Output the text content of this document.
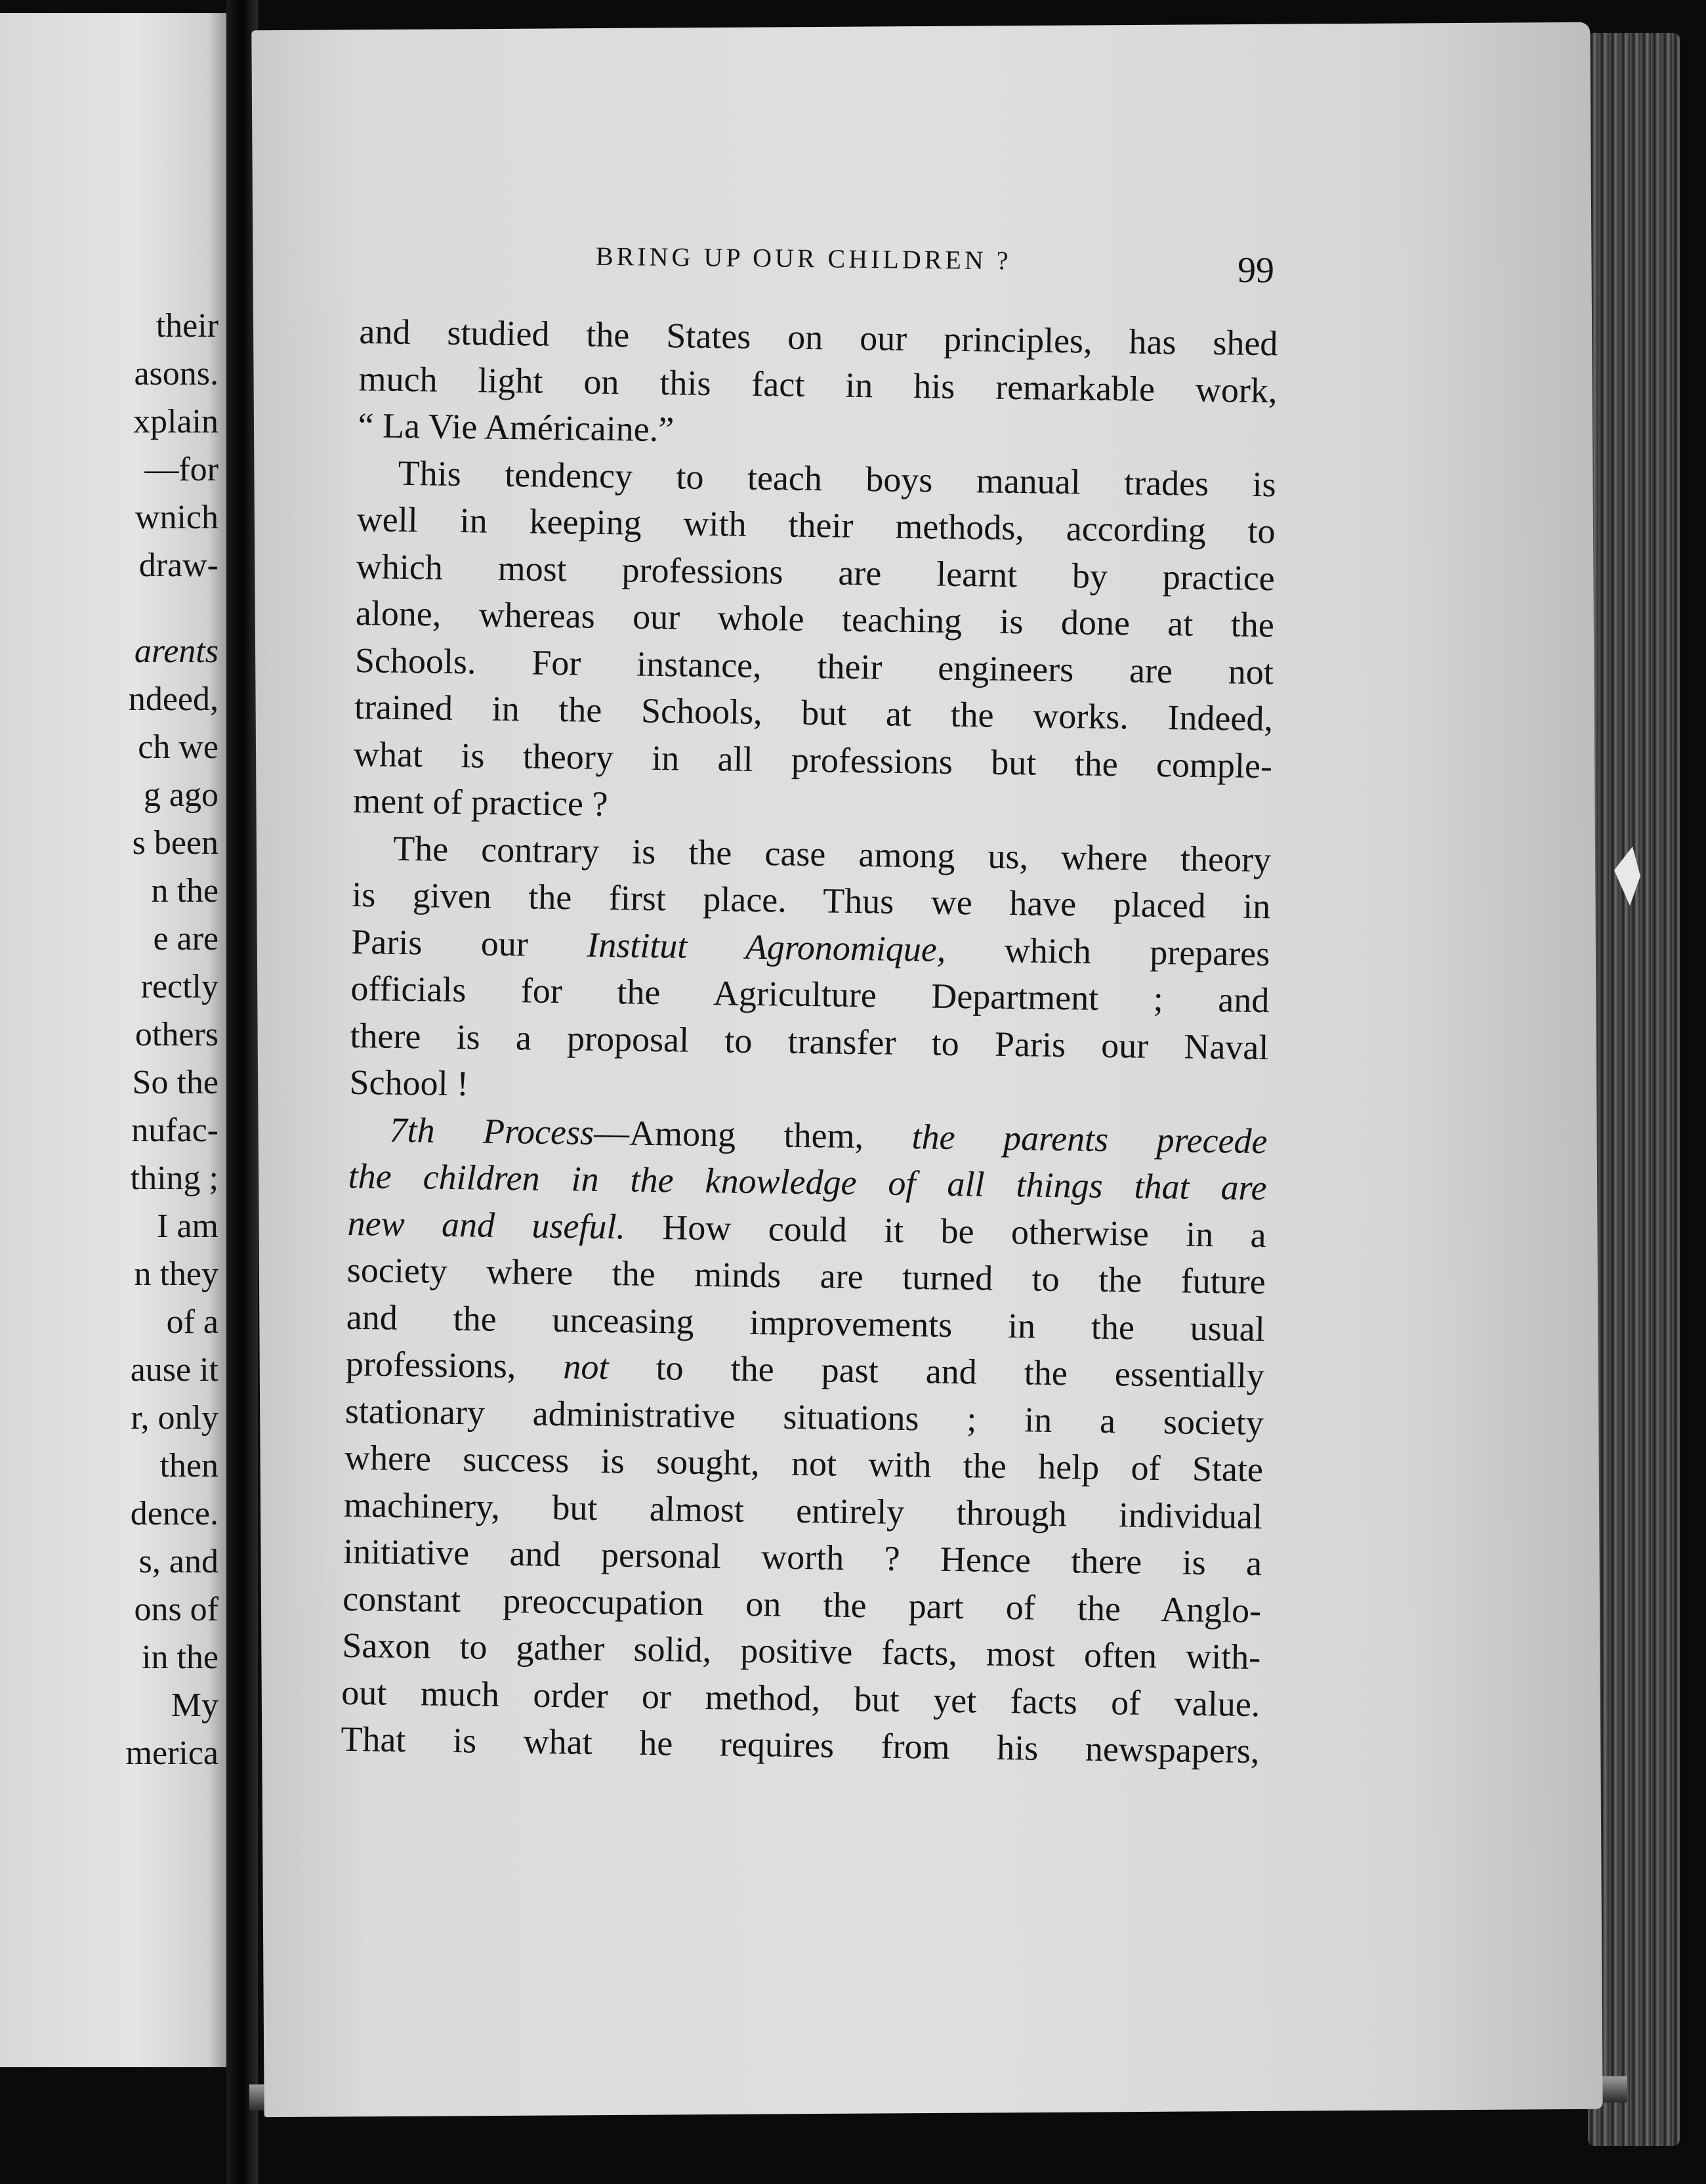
their
asons.
xplain
—for
wnich
draw-
arents
ndeed,
ch we
g ago
s been
n the
e are
rectly
others
So the
nufac-
thing ;
I am
n they
of a
ause it
r, only
then
dence.
s, and
ons of
in the
My
merica
BRING UP OUR CHILDREN ?	99
and studied the States on our principles, has shed
much light on this fact in his remarkable work,
“ La Vie Américaine.”
This tendency to teach boys manual trades is
well in keeping with their methods, according to
which most professions are learnt by practice
alone, whereas our whole teaching is done at the
Schools. For instance, their engineers are not
trained in the Schools, but at the works. Indeed,
what is theory in all professions but the comple-
ment of practice ?
The contrary is the case among us, where theory
is given the first place. Thus we have placed in
Paris our Institut Agronomique, which prepares
officials for the Agriculture Department ; and
there is a proposal to transfer to Paris our Naval
School !
7th Process—Among them, the parents precede
the children in the knowledge of all things that are
new and useful. How could it be otherwise in a
society where the minds are turned to the future
and the unceasing improvements in the usual
professions, not to the past and the essentially
stationary administrative situations ; in a society
where success is sought, not with the help of State
machinery, but almost entirely through individual
initiative and personal worth ? Hence there is a
constant preoccupation on the part of the Anglo-
Saxon to gather solid, positive facts, most often with-
out much order or method, but yet facts of value.
That is what he requires from his newspapers,
